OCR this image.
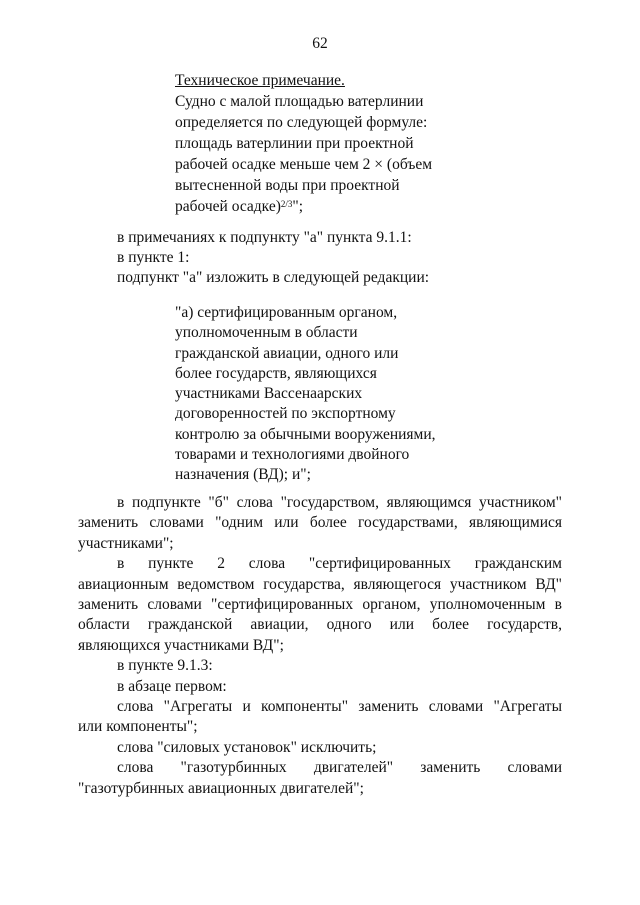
62
Техническое примечание.
Судно с малой площадью ватерлинии
определяется по следующей формуле:
площадь ватерлинии при проектной
рабочей осадке меньше чем 2 × (объем
вытесненной воды при проектной
рабочей осадке)$^{2/3}$";
в примечаниях к подпункту "а" пункта 9.1.1:
в пункте 1:
подпункт "а" изложить в следующей редакции:
"а) сертифицированным органом,
уполномоченным в области
гражданской авиации, одного или
более государств, являющихся
участниками Вассенаарских
договоренностей по экспортному
контролю за обычными вооружениями,
товарами и технологиями двойного
назначения (ВД); и";
в подпункте "б" слова "государством, являющимся участником"
заменить словами "одним или более государствами, являющимися
участниками";
в пункте 2 слова "сертифицированных гражданским
авиационным ведомством государства, являющегося участником ВД"
заменить словами "сертифицированных органом, уполномоченным в
области гражданской авиации, одного или более государств,
являющихся участниками ВД";
в пункте 9.1.3:
в абзаце первом:
слова "Агрегаты и компоненты" заменить словами "Агрегаты
или компоненты";
слова "силовых установок" исключить;
слова "газотурбинных двигателей" заменить словами
"газотурбинных авиационных двигателей";
